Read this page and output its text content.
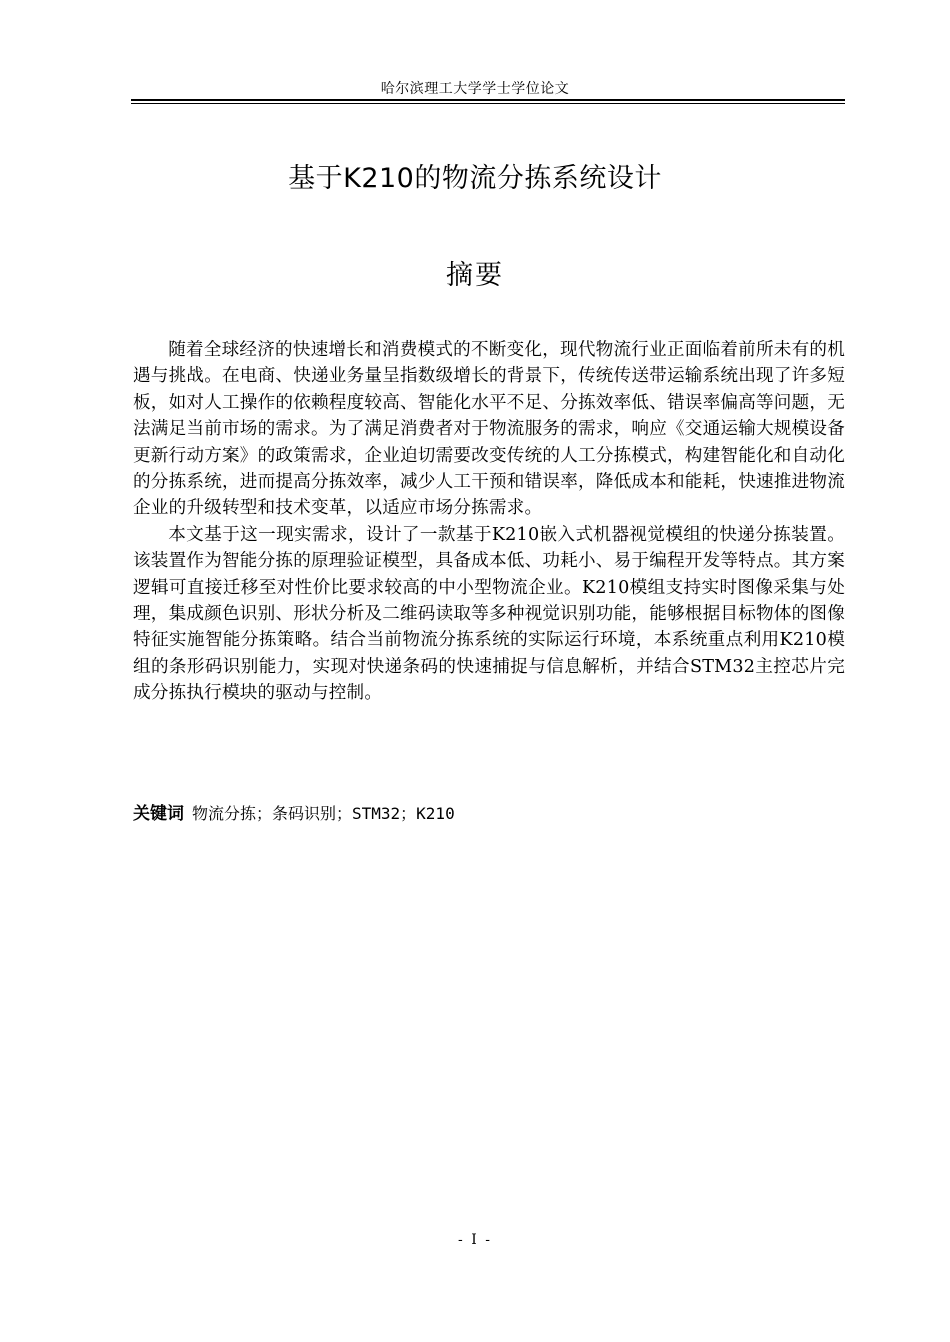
哈尔滨理工大学学士学位论文
基于K210的物流分拣系统设计
摘要

随着全球经济的快速增长和消费模式的不断变化，现代物流行业正面临着前所未有的机遇与挑战。在电商、快递业务量呈指数级增长的背景下，传统传送带运输系统出现了许多短板，如对人工操作的依赖程度较高、智能化水平不足、分拣效率低、错误率偏高等问题，无法满足当前市场的需求。为了满足消费者对于物流服务的需求，响应《交通运输大规模设备更新行动方案》的政策需求，企业迫切需要改变传统的人工分拣模式，构建智能化和自动化的分拣系统，进而提高分拣效率，减少人工干预和错误率，降低成本和能耗，快速推进物流企业的升级转型和技术变革，以适应市场分拣需求。

本文基于这一现实需求，设计了一款基于K210嵌入式机器视觉模组的快递分拣装置。该装置作为智能分拣的原理验证模型，具备成本低、功耗小、易于编程开发等特点。其方案逻辑可直接迁移至对性价比要求较高的中小型物流企业。K210模组支持实时图像采集与处理，集成颜色识别、形状分析及二维码读取等多种视觉识别功能，能够根据目标物体的图像特征实施智能分拣策略。结合当前物流分拣系统的实际运行环境，本系统重点利用K210模组的条形码识别能力，实现对快递条码的快速捕捉与信息解析，并结合STM32主控芯片完成分拣执行模块的驱动与控制。

关键词 物流分拣；条码识别；STM32；K210
- I -
